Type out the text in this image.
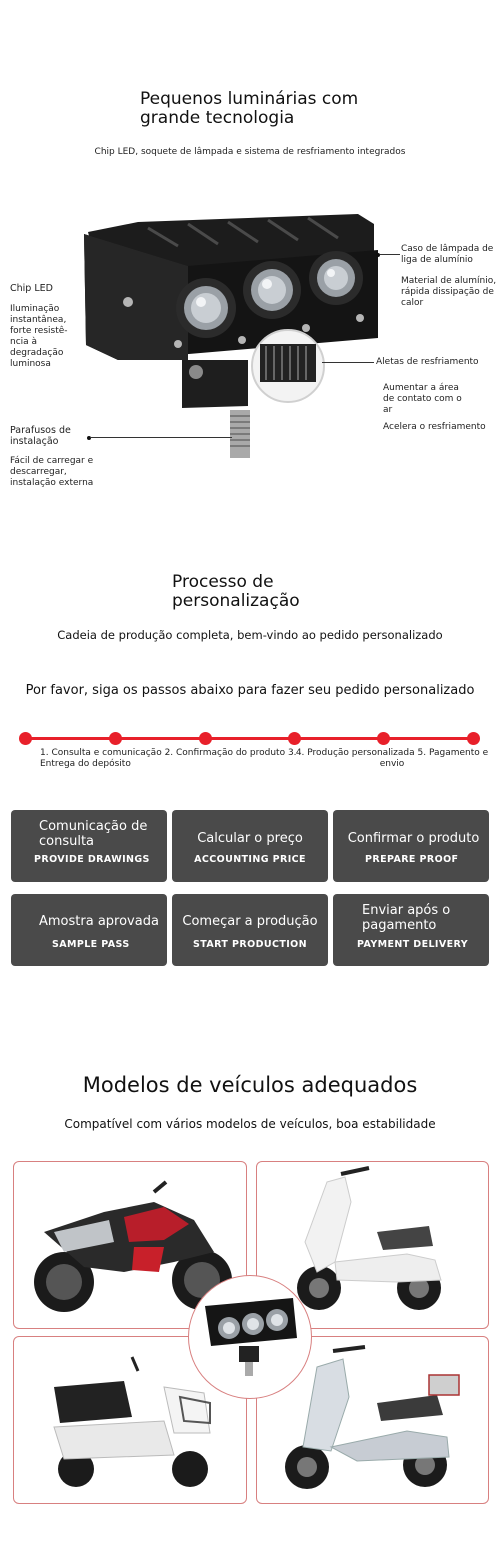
Pequenos luminárias com
grande tecnologia
Chip LED, soquete de lâmpada e sistema de resfriamento integrados
Chip LED
Iluminação
instantânea,
forte resistê-
ncia à
degradação
luminosa
Parafusos de
instalação
Fácil de carregar e
descarregar,
instalação externa
Caso de lâmpada de
liga de alumínio
Material de alumínio,
rápida dissipação de
calor
Aletas de resfriamento
Aumentar a área
de contato com o
ar
Acelera o resfriamento
Processo de
personalização
Cadeia de produção completa, bem-vindo ao pedido personalizado
Por favor, siga os passos abaixo para fazer seu pedido personalizado
1. Consulta e comunicação 2. Confirmação do produto 3.
Entrega do depósito
4. Produção personalizada 5. Pagamento e
envio
Comunicação de
consulta
PROVIDE DRAWINGS
Calcular o preço
ACCOUNTING PRICE
Confirmar o produto
PREPARE PROOF
Amostra aprovada
SAMPLE PASS
Começar a produção
START PRODUCTION
Enviar após o
pagamento
PAYMENT DELIVERY
Modelos de veículos adequados
Compatível com vários modelos de veículos, boa estabilidade
